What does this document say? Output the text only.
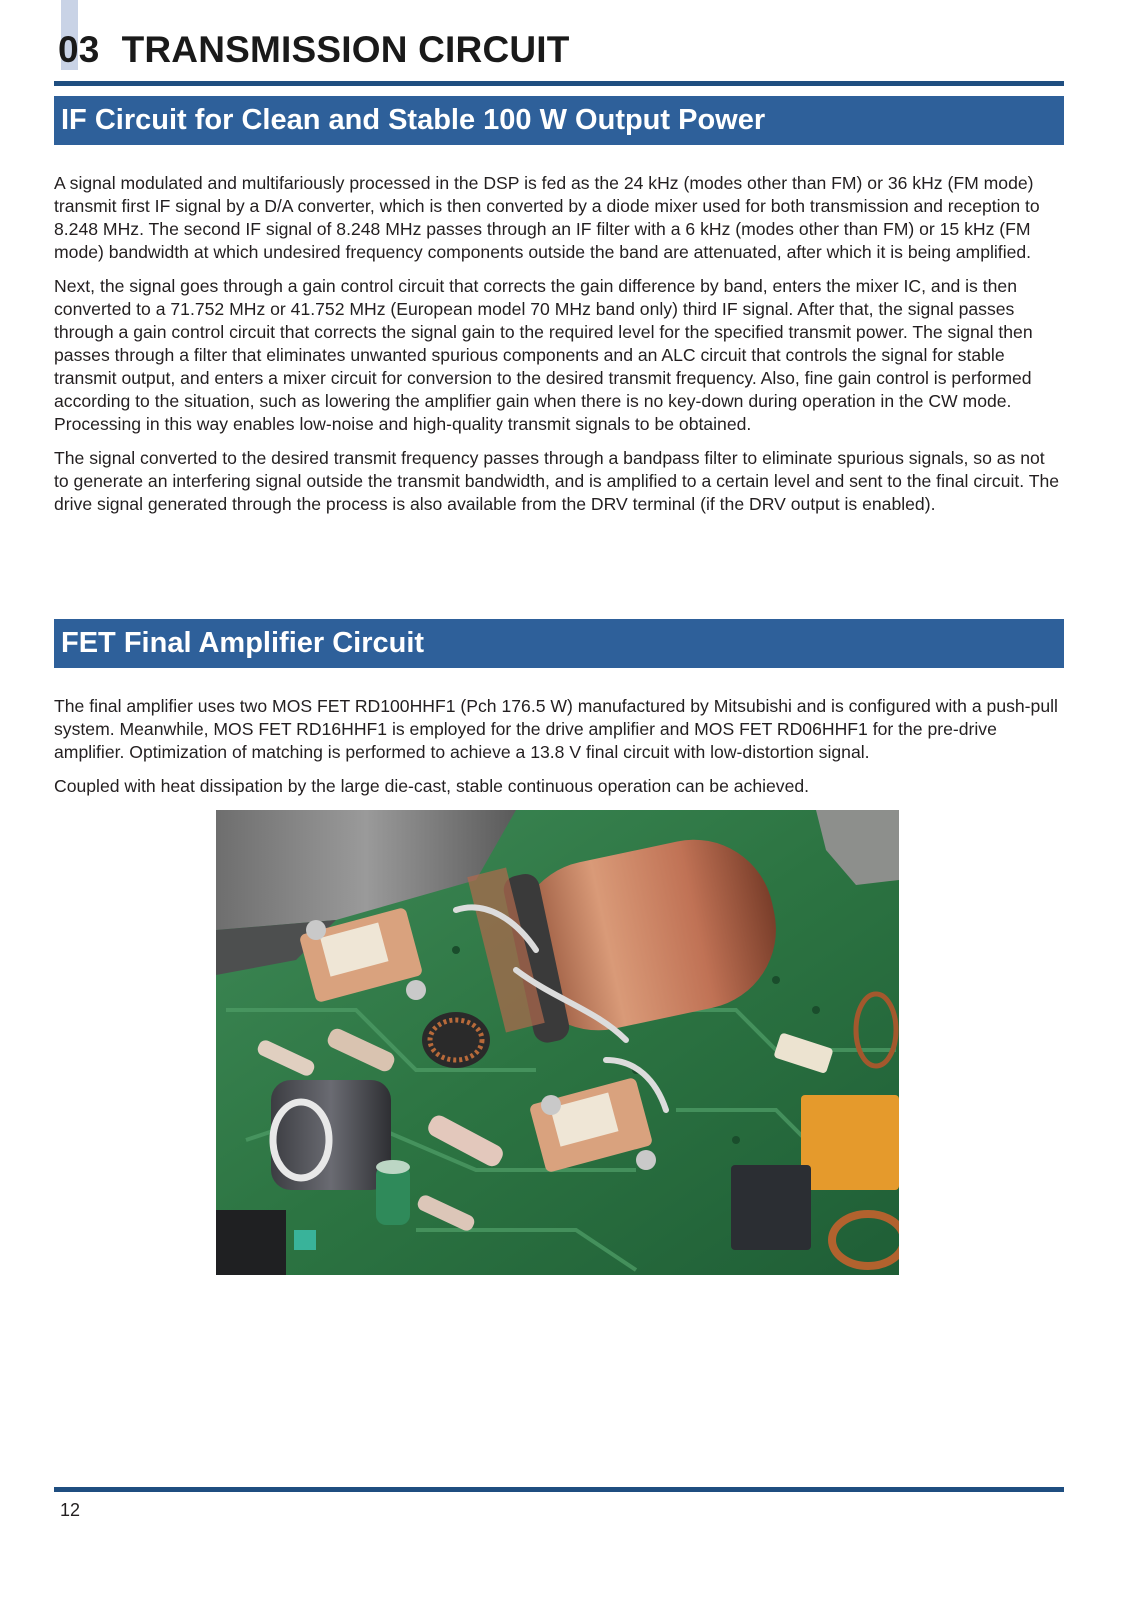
03 TRANSMISSION CIRCUIT
IF Circuit for Clean and Stable 100 W Output Power

A signal modulated and multifariously processed in the DSP is fed as the 24 kHz (modes other than FM) or 36 kHz (FM mode) transmit first IF signal by a D/A converter, which is then converted by a diode mixer used for both transmission and reception to 8.248 MHz. The second IF signal of 8.248 MHz passes through an IF filter with a 6 kHz (modes other than FM) or 15 kHz (FM mode) bandwidth at which undesired frequency components outside the band are attenuated, after which it is being amplified.

Next, the signal goes through a gain control circuit that corrects the gain difference by band, enters the mixer IC, and is then converted to a 71.752 MHz or 41.752 MHz (European model 70 MHz band only) third IF signal. After that, the signal passes through a gain control circuit that corrects the signal gain to the required level for the specified transmit power. The signal then passes through a filter that eliminates unwanted spurious components and an ALC circuit that controls the signal for stable transmit output, and enters a mixer circuit for conversion to the desired transmit frequency. Also, fine gain control is performed according to the situation, such as lowering the amplifier gain when there is no key-down during operation in the CW mode. Processing in this way enables low-noise and high-quality transmit signals to be obtained.

The signal converted to the desired transmit frequency passes through a bandpass filter to eliminate spurious signals, so as not to generate an interfering signal outside the transmit bandwidth, and is amplified to a certain level and sent to the final circuit. The drive signal generated through the process is also available from the DRV terminal (if the DRV output is enabled).

FET Final Amplifier Circuit

The final amplifier uses two MOS FET RD100HHF1 (Pch 176.5 W) manufactured by Mitsubishi and is configured with a push-pull system. Meanwhile, MOS FET RD16HHF1 is employed for the drive amplifier and MOS FET RD06HHF1 for the pre-drive amplifier. Optimization of matching is performed to achieve a 13.8 V final circuit with low-distortion signal.

Coupled with heat dissipation by the large die-cast, stable continuous operation can be achieved.

12
